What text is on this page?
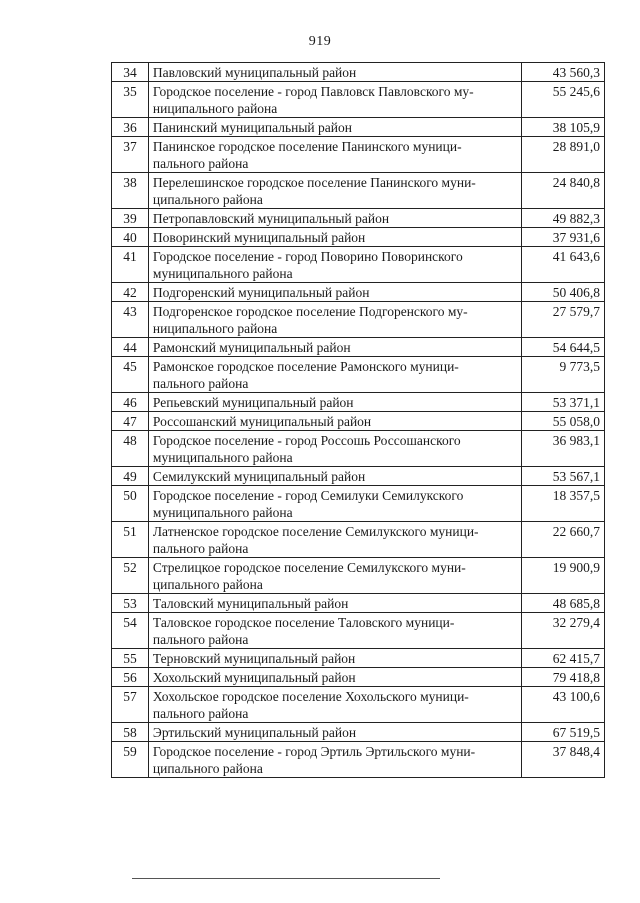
919
34	Павловский муниципальный район	43 560,3
35	Городское поселение - город Павловск Павловского му-
ниципального района	55 245,6
36	Панинский муниципальный район	38 105,9
37	Панинское городское поселение Панинского муници-
пального района	28 891,0
38	Перелешинское городское поселение Панинского муни-
ципального района	24 840,8
39	Петропавловский муниципальный район	49 882,3
40	Поворинский муниципальный район	37 931,6
41	Городское поселение - город Поворино Поворинского
муниципального района	41 643,6
42	Подгоренский муниципальный район	50 406,8
43	Подгоренское городское поселение Подгоренского му-
ниципального района	27 579,7
44	Рамонский муниципальный район	54 644,5
45	Рамонское городское поселение Рамонского муници-
пального района	9 773,5
46	Репьевский муниципальный район	53 371,1
47	Россошанский муниципальный район	55 058,0
48	Городское поселение - город Россошь Россошанского
муниципального района	36 983,1
49	Семилукский муниципальный район	53 567,1
50	Городское поселение - город Семилуки Семилукского
муниципального района	18 357,5
51	Латненское городское поселение Семилукского муници-
пального района	22 660,7
52	Стрелицкое городское поселение Семилукского муни-
ципального района	19 900,9
53	Таловский муниципальный район	48 685,8
54	Таловское городское поселение Таловского муници-
пального района	32 279,4
55	Терновский муниципальный район	62 415,7
56	Хохольский муниципальный район	79 418,8
57	Хохольское городское поселение Хохольского муници-
пального района	43 100,6
58	Эртильский муниципальный район	67 519,5
59	Городское поселение - город Эртиль Эртильского муни-
ципального района	37 848,4
